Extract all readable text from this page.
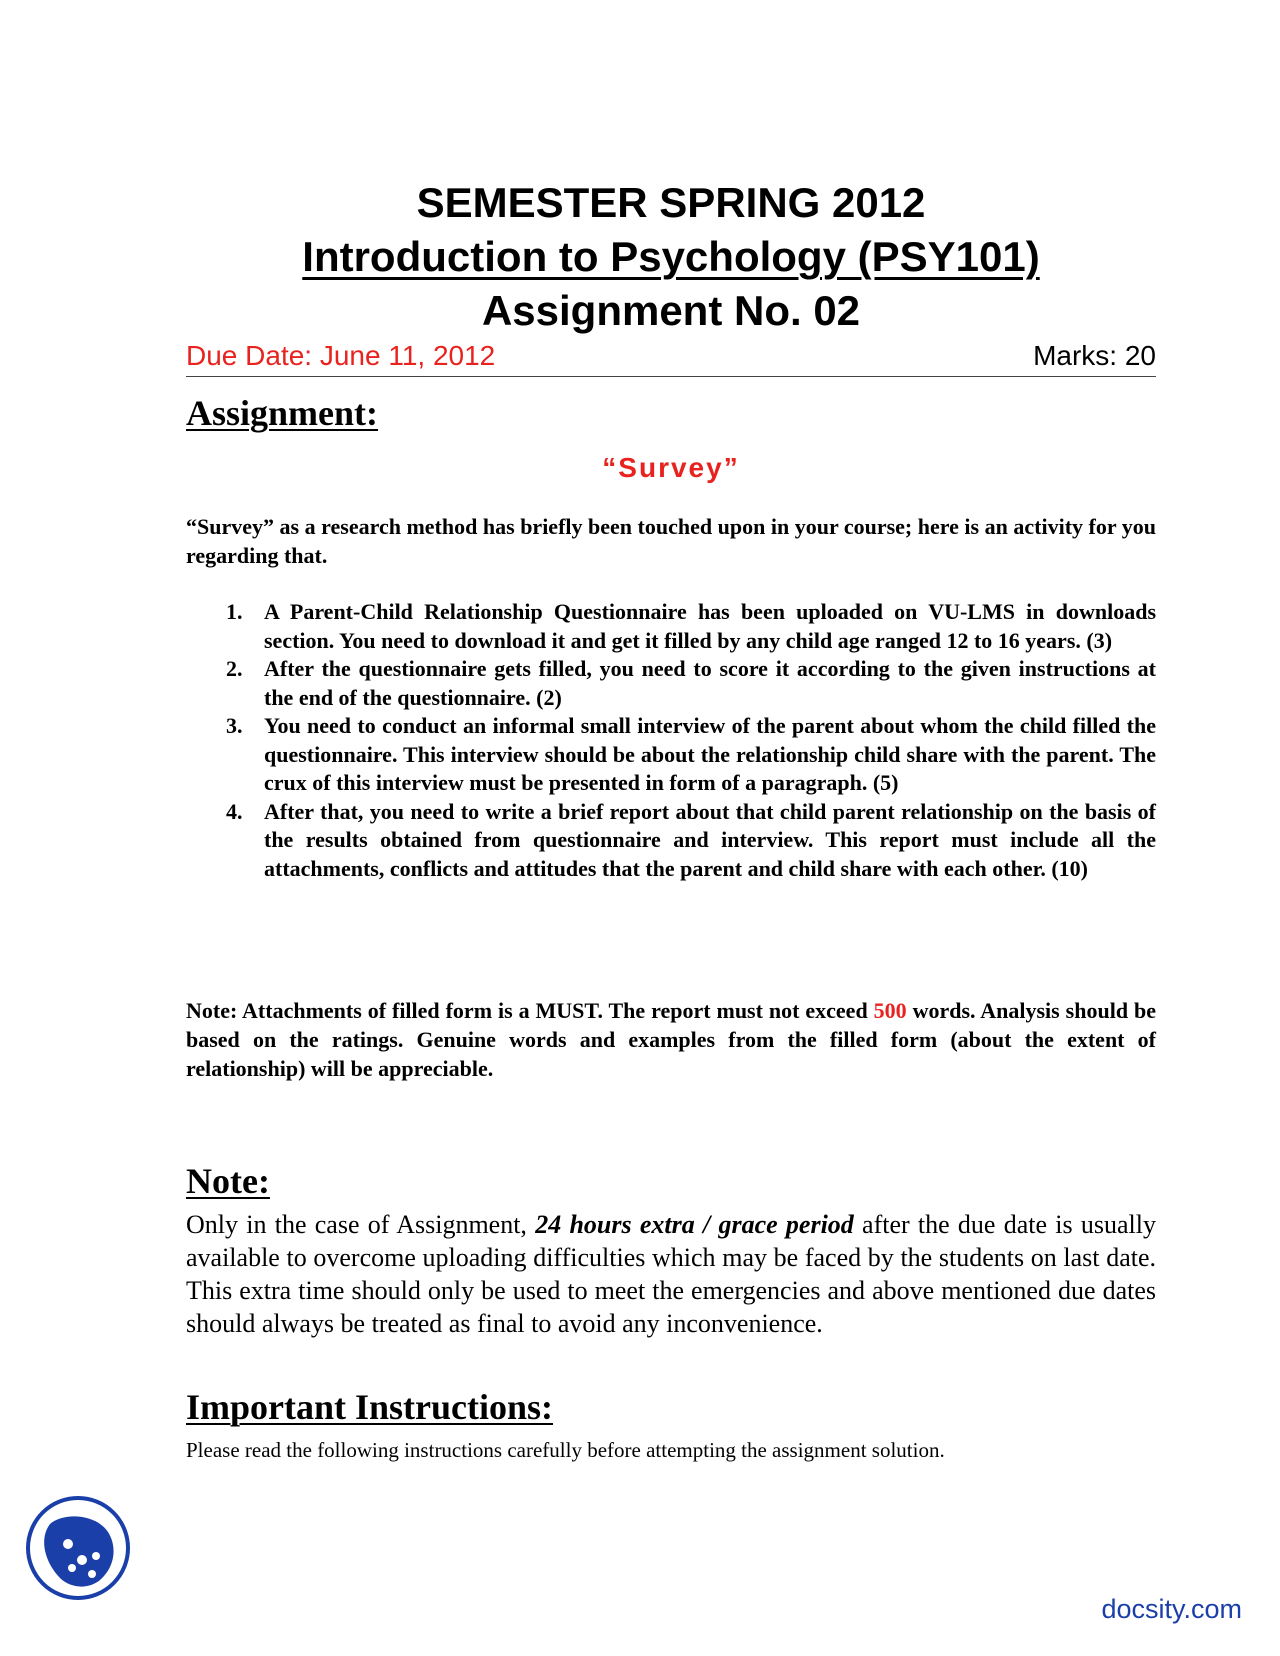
SEMESTER SPRING 2012
Introduction to Psychology (PSY101)
Assignment No. 02
Due Date: June 11, 2012	Marks: 20
Assignment:
“Survey”
“Survey” as a research method has briefly been touched upon in your course; here is an activity for you regarding that.
1. A Parent-Child Relationship Questionnaire has been uploaded on VU-LMS in downloads section. You need to download it and get it filled by any child age ranged 12 to 16 years. (3)
2. After the questionnaire gets filled, you need to score it according to the given instructions at the end of the questionnaire. (2)
3. You need to conduct an informal small interview of the parent about whom the child filled the questionnaire. This interview should be about the relationship child share with the parent. The crux of this interview must be presented in form of a paragraph. (5)
4. After that, you need to write a brief report about that child parent relationship on the basis of the results obtained from questionnaire and interview. This report must include all the attachments, conflicts and attitudes that the parent and child share with each other. (10)
Note: Attachments of filled form is a MUST. The report must not exceed 500 words. Analysis should be based on the ratings. Genuine words and examples from the filled form (about the extent of relationship) will be appreciable.
Note:
Only in the case of Assignment, 24 hours extra / grace period after the due date is usually available to overcome uploading difficulties which may be faced by the students on last date. This extra time should only be used to meet the emergencies and above mentioned due dates should always be treated as final to avoid any inconvenience.
Important Instructions:
Please read the following instructions carefully before attempting the assignment solution.
docsity.com
